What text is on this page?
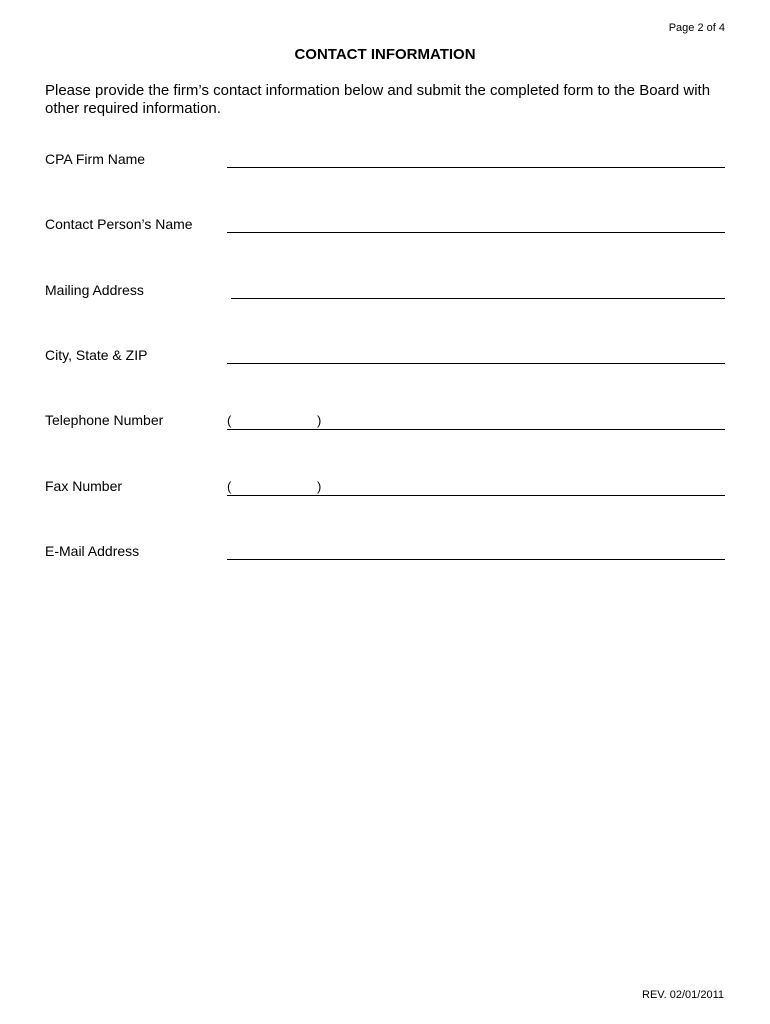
Page 2 of 4
CONTACT INFORMATION
Please provide the firm’s contact information below and submit the completed form to the Board with other required information.
CPA Firm Name
Contact Person’s Name
Mailing Address
City, State & ZIP
Telephone Number	(	)
Fax Number	(	)
E-Mail Address
REV. 02/01/2011
